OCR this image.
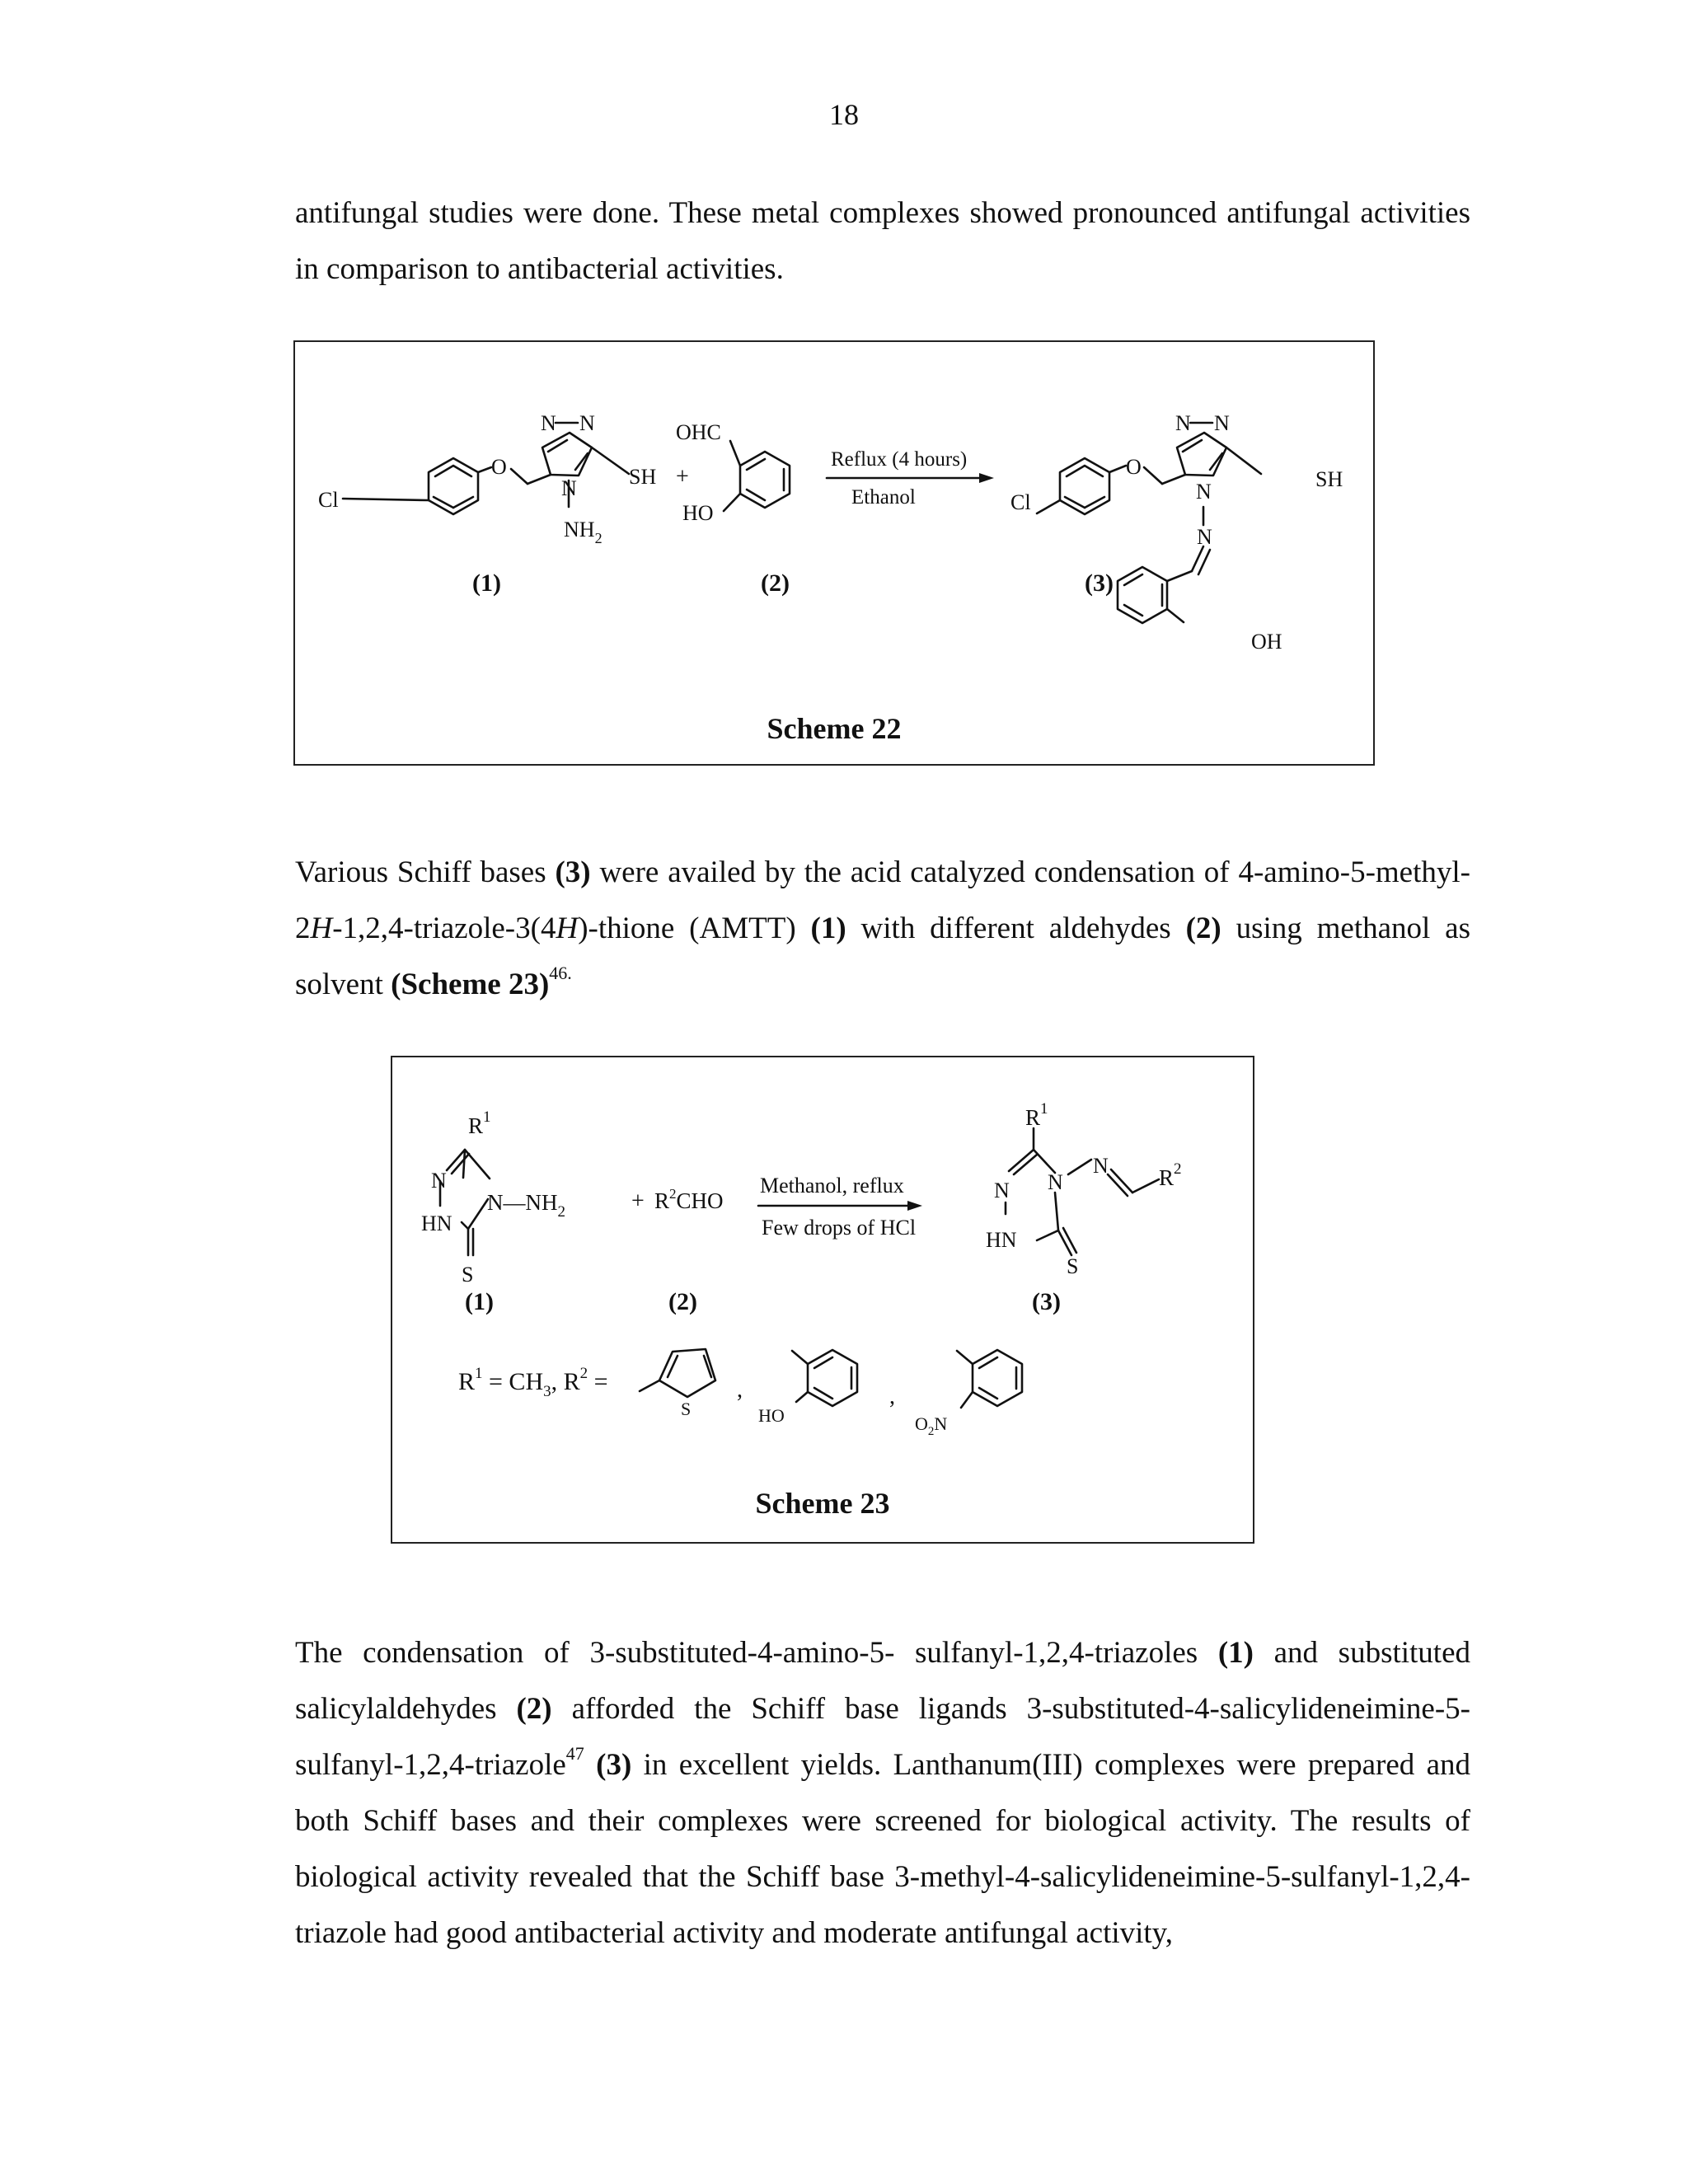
18
antifungal studies were done. These metal complexes showed pronounced antifungal activities in comparison to antibacterial activities.
Cl
O
N N
N SH +
$NH_2$
(1)
OHC
HO
(2)
Reflux (4 hours)
Ethanol	Cl
O
N N
N
N
SH
OH
(3)
Scheme 22
Various Schiff bases (3) were availed by the acid catalyzed condensation of 4-amino-5-methyl-2H-1,2,4-triazole-3(4H)-thione (AMTT) (1) with different aldehydes (2) using methanol as solvent (Scheme 23)$^{46.}$
$R^1$
N
HN
$N—NH_2$	+ $R^2CHO$
S
(1)	(2)
Methanol, reflux
Few drops of HCl
$R^1$
N N
N
HN
S
$R^2$
(3)
$R^1 = CH_3$, $R^2$ =
S
,
HO
,
$O_2N$
Scheme 23
The condensation of 3-substituted-4-amino-5- sulfanyl-1,2,4-triazoles (1) and substituted salicylaldehydes (2) afforded the Schiff base ligands 3-substituted-4-salicylideneimine-5-sulfanyl-1,2,4-triazole$^{47}$ (3) in excellent yields. Lanthanum(III) complexes were prepared and both Schiff bases and their complexes were screened for biological activity. The results of biological activity revealed that the Schiff base 3-methyl-4-salicylideneimine-5-sulfanyl-1,2,4-triazole had good antibacterial activity and moderate antifungal activity,
